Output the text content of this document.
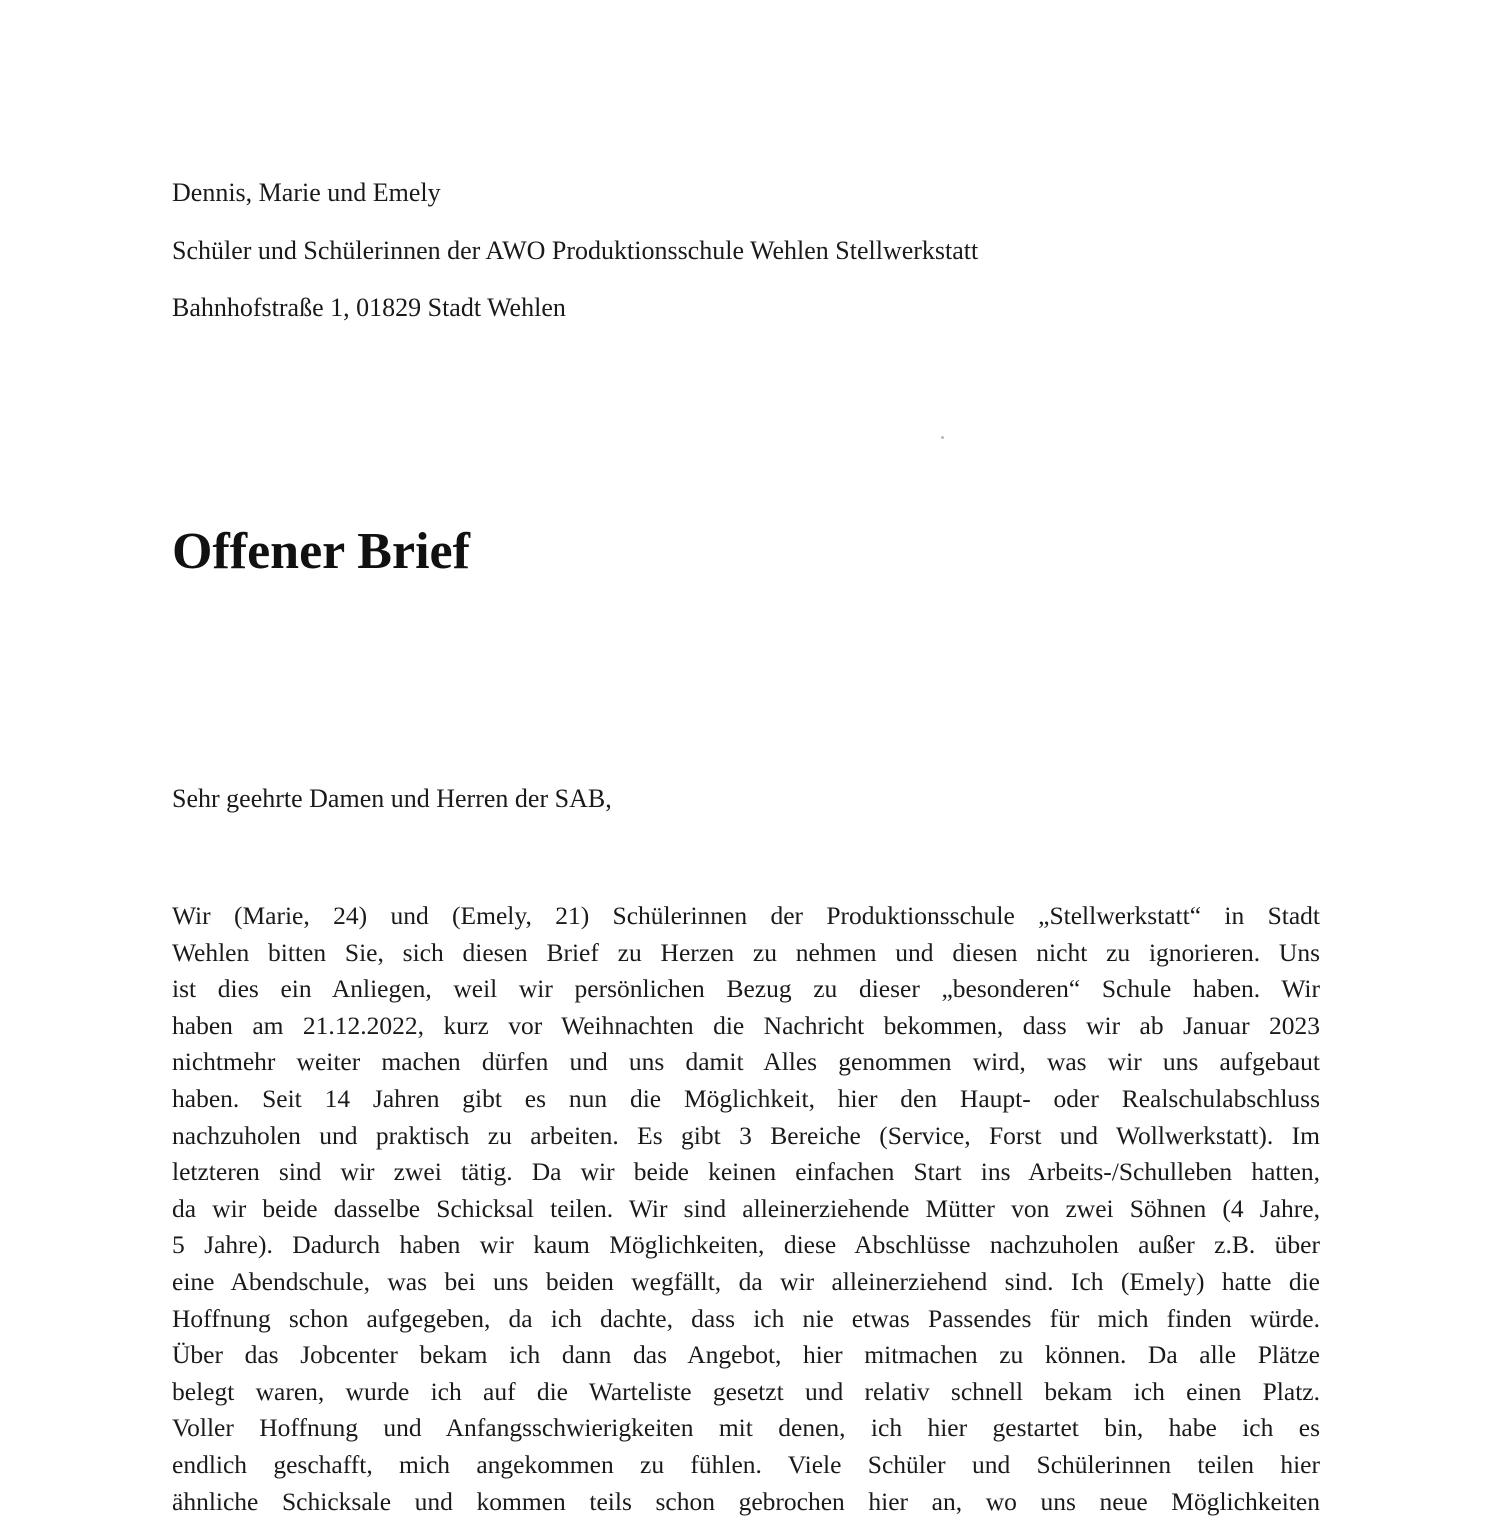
Dennis, Marie und Emely
Schüler und Schülerinnen der AWO Produktionsschule Wehlen Stellwerkstatt
Bahnhofstraße 1, 01829 Stadt Wehlen
Offener Brief
Sehr geehrte Damen und Herren der SAB,
Wir (Marie, 24) und (Emely, 21) Schülerinnen der Produktionsschule „Stellwerkstatt“ in Stadt
Wehlen bitten Sie, sich diesen Brief zu Herzen zu nehmen und diesen nicht zu ignorieren. Uns
ist dies ein Anliegen, weil wir persönlichen Bezug zu dieser „besonderen“ Schule haben. Wir
haben am 21.12.2022, kurz vor Weihnachten die Nachricht bekommen, dass wir ab Januar 2023
nichtmehr weiter machen dürfen und uns damit Alles genommen wird, was wir uns aufgebaut
haben. Seit 14 Jahren gibt es nun die Möglichkeit, hier den Haupt- oder Realschulabschluss
nachzuholen und praktisch zu arbeiten. Es gibt 3 Bereiche (Service, Forst und Wollwerkstatt). Im
letzteren sind wir zwei tätig. Da wir beide keinen einfachen Start ins Arbeits-/Schulleben hatten,
da wir beide dasselbe Schicksal teilen. Wir sind alleinerziehende Mütter von zwei Söhnen (4 Jahre,
5 Jahre). Dadurch haben wir kaum Möglichkeiten, diese Abschlüsse nachzuholen außer z.B. über
eine Abendschule, was bei uns beiden wegfällt, da wir alleinerziehend sind. Ich (Emely) hatte die
Hoffnung schon aufgegeben, da ich dachte, dass ich nie etwas Passendes für mich finden würde.
Über das Jobcenter bekam ich dann das Angebot, hier mitmachen zu können. Da alle Plätze
belegt waren, wurde ich auf die Warteliste gesetzt und relativ schnell bekam ich einen Platz.
Voller Hoffnung und Anfangsschwierigkeiten mit denen, ich hier gestartet bin, habe ich es
endlich geschafft, mich angekommen zu fühlen. Viele Schüler und Schülerinnen teilen hier
ähnliche Schicksale und kommen teils schon gebrochen hier an, wo uns neue Möglichkeiten
